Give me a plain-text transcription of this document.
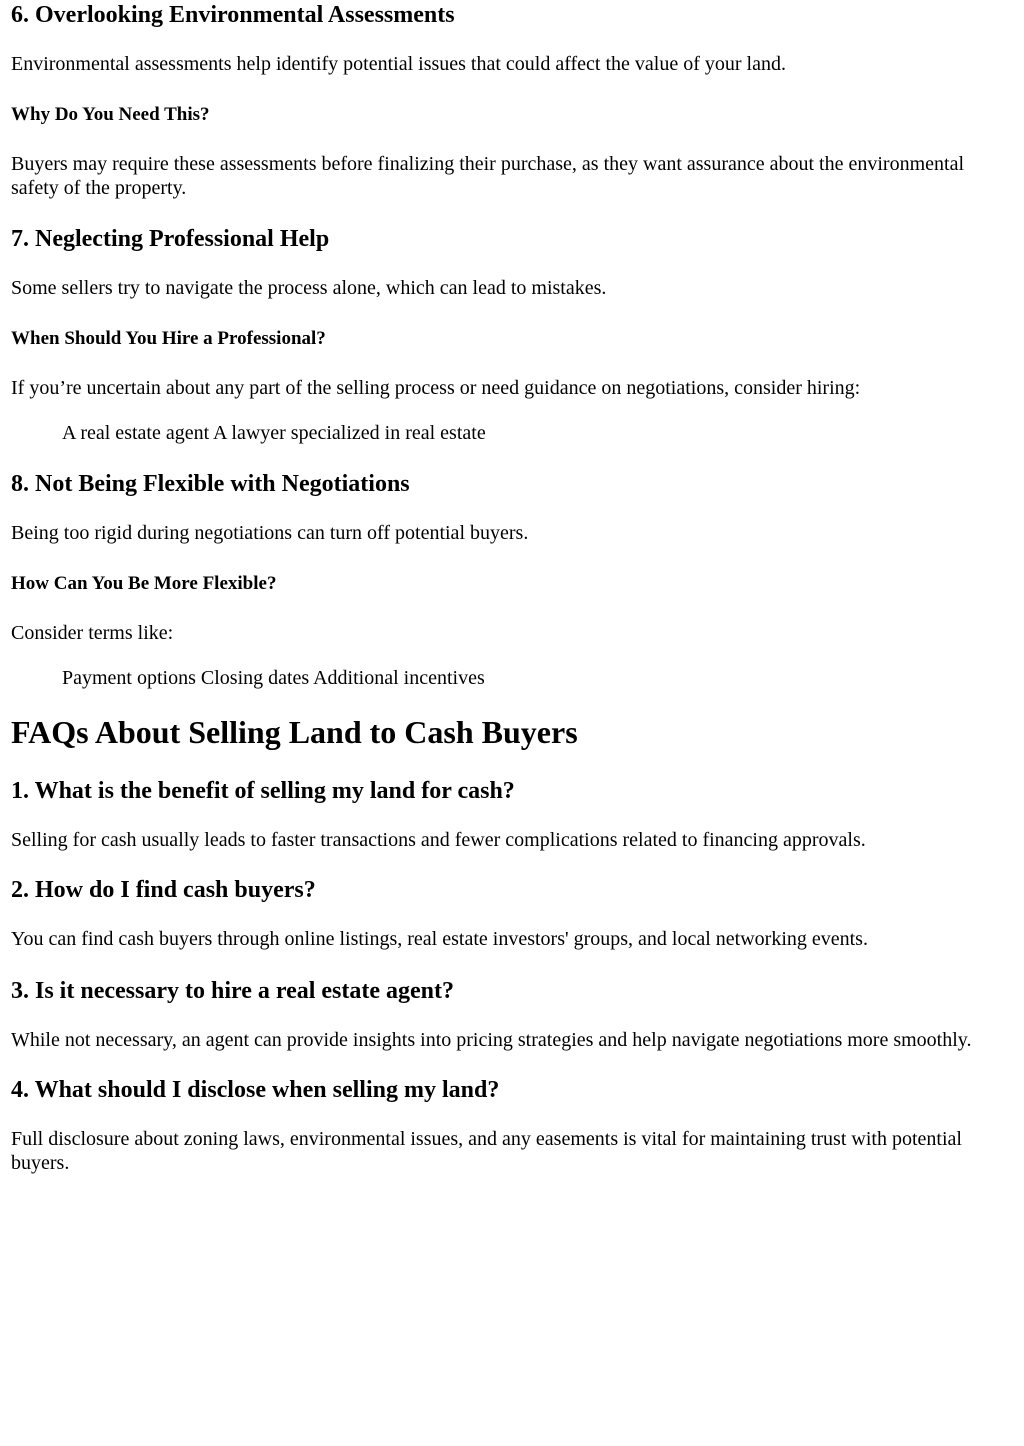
6. Overlooking Environmental Assessments

Environmental assessments help identify potential issues that could affect the value of your land.

Why Do You Need This?

Buyers may require these assessments before finalizing their purchase, as they want assurance about the environmental safety of the property.

7. Neglecting Professional Help

Some sellers try to navigate the process alone, which can lead to mistakes.

When Should You Hire a Professional?

If you’re uncertain about any part of the selling process or need guidance on negotiations, consider hiring:

A real estate agent A lawyer specialized in real estate

8. Not Being Flexible with Negotiations

Being too rigid during negotiations can turn off potential buyers.

How Can You Be More Flexible?

Consider terms like:

Payment options Closing dates Additional incentives

FAQs About Selling Land to Cash Buyers
1. What is the benefit of selling my land for cash?

Selling for cash usually leads to faster transactions and fewer complications related to financing approvals.

2. How do I find cash buyers?

You can find cash buyers through online listings, real estate investors' groups, and local networking events.

3. Is it necessary to hire a real estate agent?

While not necessary, an agent can provide insights into pricing strategies and help navigate negotiations more smoothly.

4. What should I disclose when selling my land?

Full disclosure about zoning laws, environmental issues, and any easements is vital for maintaining trust with potential buyers.
